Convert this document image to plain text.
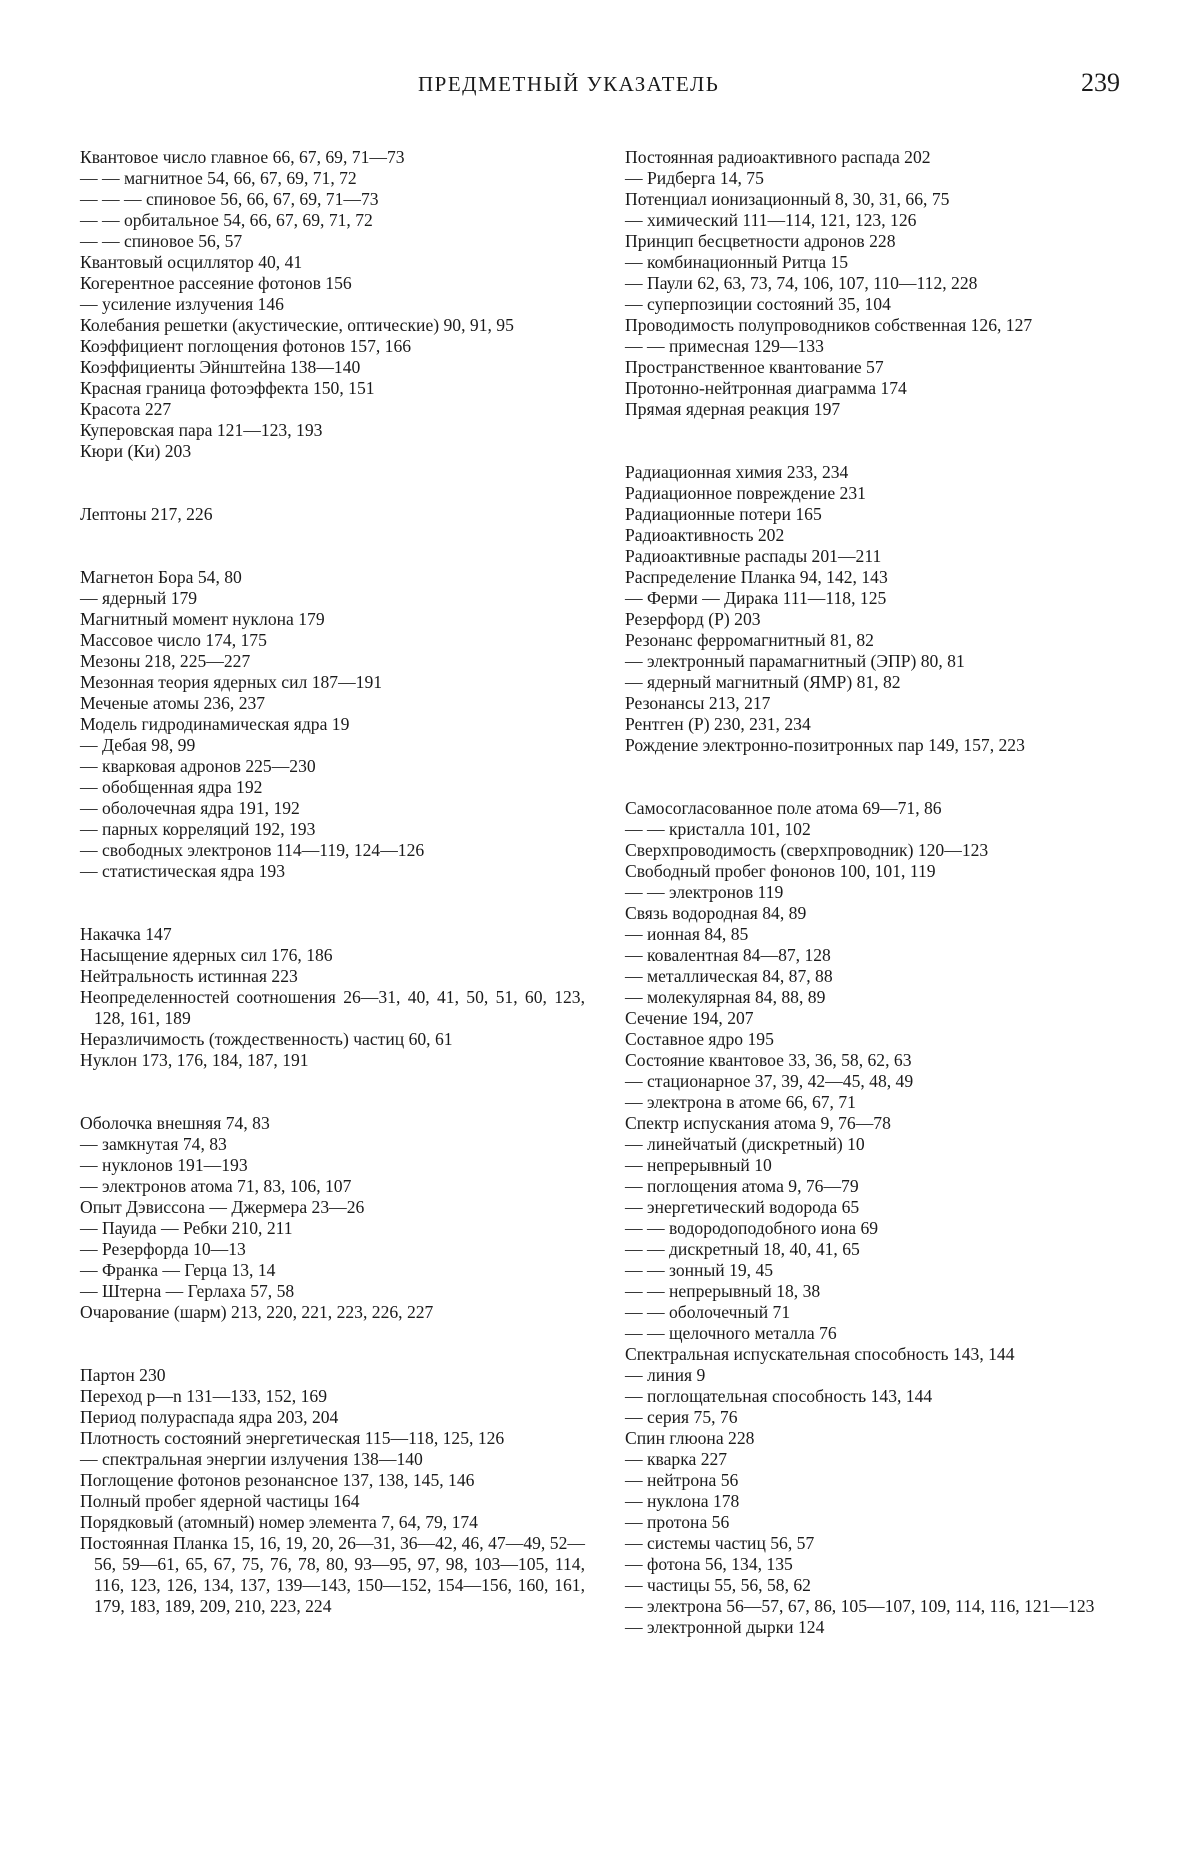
ПРЕДМЕТНЫЙ УКАЗАТЕЛЬ	239
Квантовое число главное 66, 67, 69, 71—73
— — магнитное 54, 66, 67, 69, 71, 72
— — — спиновое 56, 66, 67, 69, 71—73
— — орбитальное 54, 66, 67, 69, 71, 72
— — спиновое 56, 57
Квантовый осциллятор 40, 41
Когерентное рассеяние фотонов 156
— усиление излучения 146
Колебания решетки (акустические, оптические) 90, 91, 95
Коэффициент поглощения фотонов 157, 166
Коэффициенты Эйнштейна 138—140
Красная граница фотоэффекта 150, 151
Красота 227
Куперовская пара 121—123, 193
Кюри (Ки) 203
Лептоны 217, 226
Магнетон Бора 54, 80
— ядерный 179
Магнитный момент нуклона 179
Массовое число 174, 175
Мезоны 218, 225—227
Мезонная теория ядерных сил 187—191
Меченые атомы 236, 237
Модель гидродинамическая ядра 19
— Дебая 98, 99
— кварковая адронов 225—230
— обобщенная ядра 192
— оболочечная ядра 191, 192
— парных корреляций 192, 193
— свободных электронов 114—119, 124—126
— статистическая ядра 193
Накачка 147
Насыщение ядерных сил 176, 186
Нейтральность истинная 223
Неопределенностей соотношения 26—31, 40, 41, 50, 51, 60, 123, 128, 161, 189
Неразличимость (тождественность) частиц 60, 61
Нуклон 173, 176, 184, 187, 191
Оболочка внешняя 74, 83
— замкнутая 74, 83
— нуклонов 191—193
— электронов атома 71, 83, 106, 107
Опыт Дэвиссона — Джермера 23—26
— Пауида — Ребки 210, 211
— Резерфорда 10—13
— Франка — Герца 13, 14
— Штерна — Герлаха 57, 58
Очарование (шарм) 213, 220, 221, 223, 226, 227
Партон 230
Переход p—n 131—133, 152, 169
Период полураспада ядра 203, 204
Плотность состояний энергетическая 115—118, 125, 126
— спектральная энергии излучения 138—140
Поглощение фотонов резонансное 137, 138, 145, 146
Полный пробег ядерной частицы 164
Порядковый (атомный) номер элемента 7, 64, 79, 174
Постоянная Планка 15, 16, 19, 20, 26—31, 36—42, 46, 47—49, 52—56, 59—61, 65, 67, 75, 76, 78, 80, 93—95, 97, 98, 103—105, 114, 116, 123, 126, 134, 137, 139—143, 150—152, 154—156, 160, 161, 179, 183, 189, 209, 210, 223, 224
Постоянная радиоактивного распада 202
— Ридберга 14, 75
Потенциал ионизационный 8, 30, 31, 66, 75
— химический 111—114, 121, 123, 126
Принцип бесцветности адронов 228
— комбинационный Ритца 15
— Паули 62, 63, 73, 74, 106, 107, 110—112, 228
— суперпозиции состояний 35, 104
Проводимость полупроводников собственная 126, 127
— — примесная 129—133
Пространственное квантование 57
Протонно-нейтронная диаграмма 174
Прямая ядерная реакция 197
Радиационная химия 233, 234
Радиационное повреждение 231
Радиационные потери 165
Радиоактивность 202
Радиоактивные распады 201—211
Распределение Планка 94, 142, 143
— Ферми — Дирака 111—118, 125
Резерфорд (Р) 203
Резонанс ферромагнитный 81, 82
— электронный парамагнитный (ЭПР) 80, 81
— ядерный магнитный (ЯМР) 81, 82
Резонансы 213, 217
Рентген (Р) 230, 231, 234
Рождение электронно-позитронных пар 149, 157, 223
Самосогласованное поле атома 69—71, 86
— — кристалла 101, 102
Сверхпроводимость (сверхпроводник) 120—123
Свободный пробег фононов 100, 101, 119
— — электронов 119
Связь водородная 84, 89
— ионная 84, 85
— ковалентная 84—87, 128
— металлическая 84, 87, 88
— молекулярная 84, 88, 89
Сечение 194, 207
Составное ядро 195
Состояние квантовое 33, 36, 58, 62, 63
— стационарное 37, 39, 42—45, 48, 49
— электрона в атоме 66, 67, 71
Спектр испускания атома 9, 76—78
— линейчатый (дискретный) 10
— непрерывный 10
— поглощения атома 9, 76—79
— энергетический водорода 65
— — водородоподобного иона 69
— — дискретный 18, 40, 41, 65
— — зонный 19, 45
— — непрерывный 18, 38
— — оболочечный 71
— — щелочного металла 76
Спектральная испускательная способность 143, 144
— линия 9
— поглощательная способность 143, 144
— серия 75, 76
Спин глюона 228
— кварка 227
— нейтрона 56
— нуклона 178
— протона 56
— системы частиц 56, 57
— фотона 56, 134, 135
— частицы 55, 56, 58, 62
— электрона 56—57, 67, 86, 105—107, 109, 114, 116, 121—123
— электронной дырки 124
